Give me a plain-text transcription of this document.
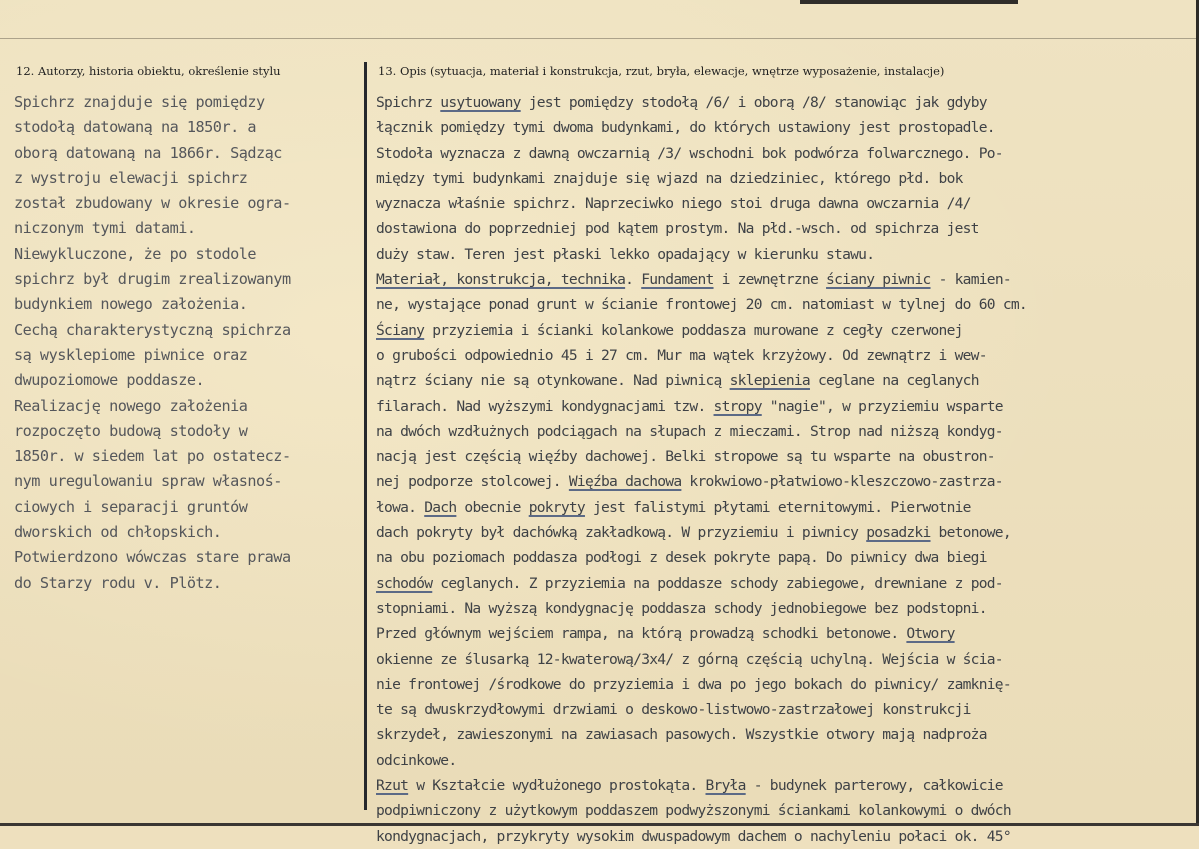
12. Autorzy, historia obiektu, określenie stylu	13. Opis (sytuacja, materiał i konstrukcja, rzut, bryła, elewacje, wnętrze wyposażenie, instalacje)
Spichrz znajduje się pomiędzy
stodołą datowaną na 1850r. a
oborą datowaną na 1866r. Sądząc
z wystroju elewacji spichrz
został zbudowany w okresie ogra-
niczonym tymi datami.
Niewykluczone, że po stodole
spichrz był drugim zrealizowanym
budynkiem nowego założenia.
Cechą charakterystyczną spichrza
są wysklepiome piwnice oraz
dwupoziomowe poddasze.
Realizację nowego założenia
rozpoczęto budową stodoły w
1850r. w siedem lat po ostatecz-
nym uregulowaniu spraw własnoś-
ciowych i separacji gruntów
dworskich od chłopskich.
Potwierdzono wówczas stare prawa
do Starzy rodu v. Plötz.
Spichrz usytuowany jest pomiędzy stodołą /6/ i oborą /8/ stanowiąc jak gdyby
łącznik pomiędzy tymi dwoma budynkami, do których ustawiony jest prostopadle.
Stodoła wyznacza z dawną owczarnią /3/ wschodni bok podwórza folwarcznego. Po-
między tymi budynkami znajduje się wjazd na dziedziniec, którego płd. bok
wyznacza właśnie spichrz. Naprzeciwko niego stoi druga dawna owczarnia /4/
dostawiona do poprzedniej pod kątem prostym. Na płd.-wsch. od spichrza jest
duży staw. Teren jest płaski lekko opadający w kierunku stawu.
Materiał, konstrukcja, technika. Fundament i zewnętrzne ściany piwnic - kamien-
ne, wystające ponad grunt w ścianie frontowej 20 cm. natomiast w tylnej do 60 cm.
Ściany przyziemia i ścianki kolankowe poddasza murowane z cegły czerwonej
o grubości odpowiednio 45 i 27 cm. Mur ma wątek krzyżowy. Od zewnątrz i wew-
nątrz ściany nie są otynkowane. Nad piwnicą sklepienia ceglane na ceglanych
filarach. Nad wyższymi kondygnacjami tzw. stropy "nagie", w przyziemiu wsparte
na dwóch wzdłużnych podciągach na słupach z mieczami. Strop nad niższą kondyg-
nacją jest częścią więźby dachowej. Belki stropowe są tu wsparte na obustron-
nej podporze stolcowej. Więźba dachowa krokwiowo-płatwiowo-kleszczowo-zastrza-
łowa. Dach obecnie pokryty jest falistymi płytami eternitowymi. Pierwotnie
dach pokryty był dachówką zakładkową. W przyziemiu i piwnicy posadzki betonowe,
na obu poziomach poddasza podłogi z desek pokryte papą. Do piwnicy dwa biegi
schodów ceglanych. Z przyziemia na poddasze schody zabiegowe, drewniane z pod-
stopniami. Na wyższą kondygnację poddasza schody jednobiegowe bez podstopni.
Przed głównym wejściem rampa, na którą prowadzą schodki betonowe. Otwory
okienne ze ślusarką 12-kwaterową/3x4/ z górną częścią uchylną. Wejścia w ścia-
nie frontowej /środkowe do przyziemia i dwa po jego bokach do piwnicy/ zamknię-
te są dwuskrzydłowymi drzwiami o deskowo-listwowo-zastrzałowej konstrukcji
skrzydeł, zawieszonymi na zawiasach pasowych. Wszystkie otwory mają nadproża
odcinkowe.
Rzut w Kształcie wydłużonego prostokąta. Bryła - budynek parterowy, całkowicie
podpiwniczony z użytkowym poddaszem podwyższonymi ściankami kolankowymi o dwóch
kondygnacjach, przykryty wysokim dwuspadowym dachem o nachyleniu połaci ok. 45°
